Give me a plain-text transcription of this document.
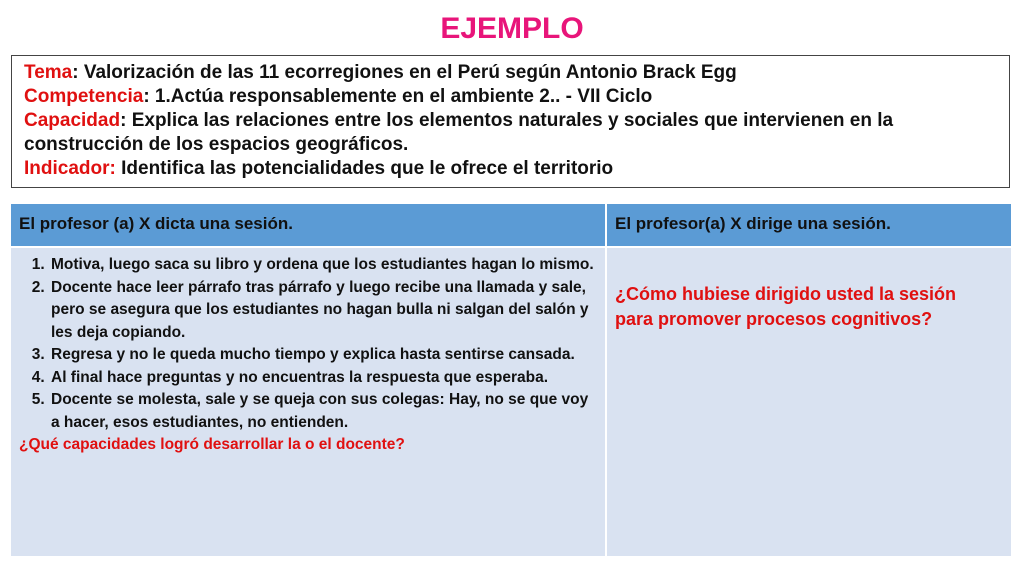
EJEMPLO

Tema: Valorización de las 11 ecorregiones en el Perú según Antonio Brack Egg

Competencia: 1.Actúa responsablemente en el ambiente 2.. - VII Ciclo

Capacidad: Explica las relaciones entre los elementos naturales y sociales que intervienen en la construcción de los espacios geográficos.

Indicador: Identifica las potencialidades que le ofrece el territorio

El profesor (a) X dicta una sesión.	El profesor(a) X dirige una sesión.
1. Motiva, luego saca su libro y ordena que los estudiantes hagan lo mismo.
2. Docente hace leer párrafo tras párrafo y luego recibe una llamada y sale, pero se asegura que los estudiantes no hagan bulla ni salgan del salón y les deja copiando.
3. Regresa y no le queda mucho tiempo y explica hasta sentirse cansada.
4. Al final hace preguntas y no encuentras la respuesta que esperaba.
5. Docente se molesta, sale y se queja con sus colegas: Hay, no se que voy a hacer, esos estudiantes, no entienden.

¿Qué capacidades logró desarrollar la o el docente?

¿Cómo hubiese dirigido usted la sesión para promover procesos cognitivos?
